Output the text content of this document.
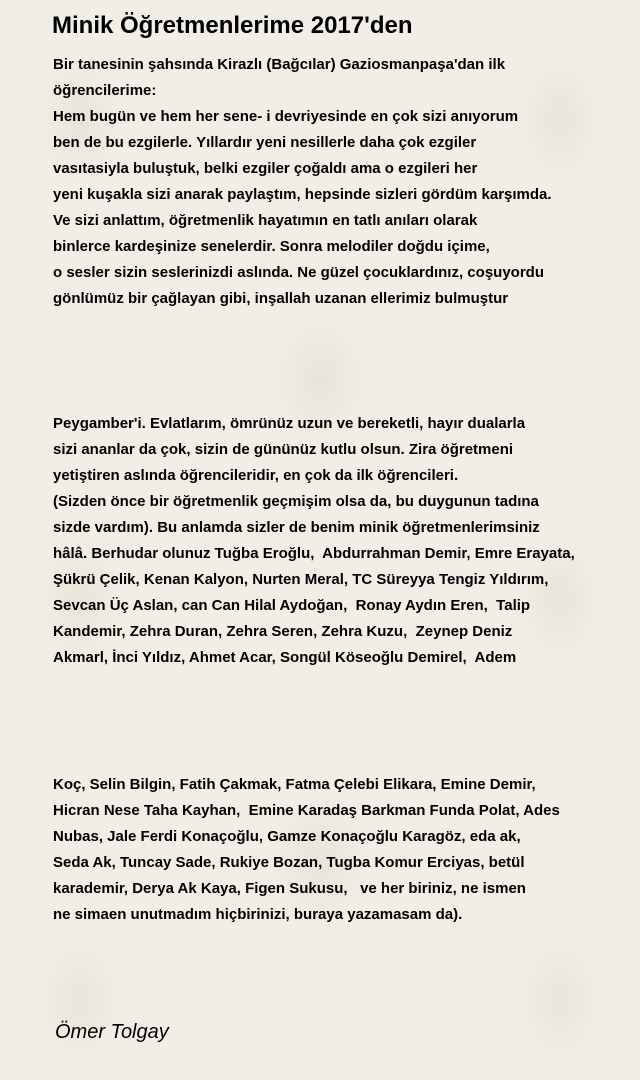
Minik Öğretmenlerime 2017'den
Bir tanesinin şahsında Kirazlı (Bağcılar) Gaziosmanpaşa'dan ilk
öğrencilerime:
Hem bugün ve hem her sene- i devriyesinde en çok sizi anıyorum
ben de bu ezgilerle. Yıllardır yeni nesillerle daha çok ezgiler
vasıtasiyla buluştuk, belki ezgiler çoğaldı ama o ezgileri her
yeni kuşakla sizi anarak paylaştım, hepsinde sizleri gördüm karşımda.
Ve sizi anlattım, öğretmenlik hayatımın en tatlı anıları olarak
binlerce kardeşinize senelerdir. Sonra melodiler doğdu içime,
o sesler sizin seslerinizdi aslında. Ne güzel çocuklardınız, coşuyordu
gönlümüz bir çağlayan gibi, inşallah uzanan ellerimiz bulmuştur
Peygamber'i. Evlatlarım, ömrünüz uzun ve bereketli, hayır dualarla
sizi ananlar da çok, sizin de gününüz kutlu olsun. Zira öğretmeni
yetiştiren aslında öğrencileridir, en çok da ilk öğrencileri.
(Sizden önce bir öğretmenlik geçmişim olsa da, bu duygunun tadına
sizde vardım). Bu anlamda sizler de benim minik öğretmenlerimsiniz
hâlâ. Berhudar olunuz Tuğba Eroğlu,  Abdurrahman Demir, Emre Erayata,
Şükrü Çelik, Kenan Kalyon, Nurten Meral, TC Süreyya Tengiz Yıldırım,
Sevcan Üç Aslan, can Can Hilal Aydoğan,  Ronay Aydın Eren,  Talip
Kandemir, Zehra Duran, Zehra Seren, Zehra Kuzu,  Zeynep Deniz
Akmarl, İnci Yıldız, Ahmet Acar, Songül Köseoğlu Demirel,  Adem
Koç, Selin Bilgin, Fatih Çakmak, Fatma Çelebi Elikara, Emine Demir,
Hicran Nese Taha Kayhan,  Emine Karadaş Barkman Funda Polat, Ades
Nubas, Jale Ferdi Konaçoğlu, Gamze Konaçoğlu Karagöz, eda ak,
Seda Ak, Tuncay Sade, Rukiye Bozan, Tugba Komur Erciyas, betül
karademir, Derya Ak Kaya, Figen Sukusu,   ve her biriniz, ne ismen
ne simaen unutmadım hiçbirinizi, buraya yazamasam da).

Ömer Tolgay
